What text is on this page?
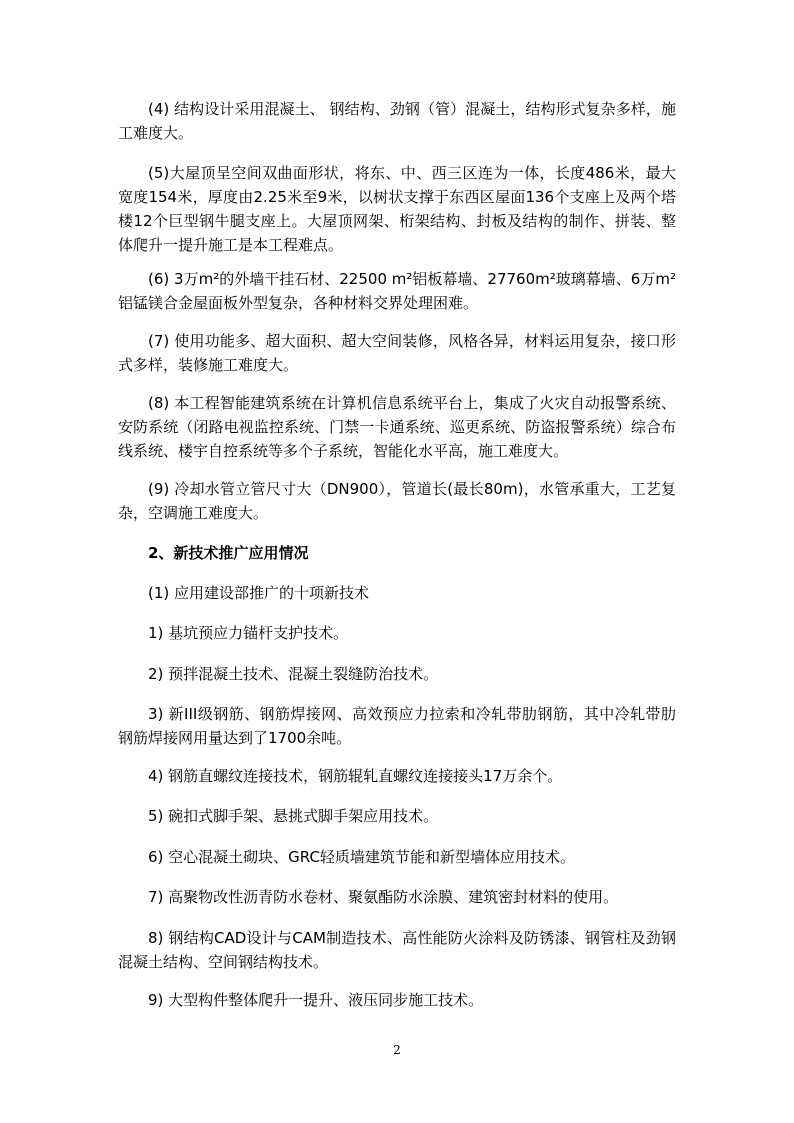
(4) 结构设计采用混凝土、 钢结构、劲钢（管）混凝土，结构形式复杂多样，施工难度大。

(5)大屋顶呈空间双曲面形状，将东、中、西三区连为一体，长度486米，最大宽度154米，厚度由2.25米至9米，以树状支撑于东西区屋面136个支座上及两个塔楼12个巨型钢牛腿支座上。大屋顶网架、桁架结构、封板及结构的制作、拼装、整体爬升一提升施工是本工程难点。

(6) 3万m²的外墙干挂石材、22500 m²铝板幕墙、27760m²玻璃幕墙、6万m²铝锰镁合金屋面板外型复杂，各种材料交界处理困难。

(7) 使用功能多、超大面积、超大空间装修，风格各异，材料运用复杂，接口形式多样，装修施工难度大。

(8) 本工程智能建筑系统在计算机信息系统平台上，集成了火灾自动报警系统、安防系统（闭路电视监控系统、门禁一卡通系统、巡更系统、防盗报警系统）综合布线系统、楼宇自控系统等多个子系统，智能化水平高，施工难度大。

(9) 冷却水管立管尺寸大（DN900），管道长(最长80m)，水管承重大，工艺复杂，空调施工难度大。

2、新技术推广应用情况

(1) 应用建设部推广的十项新技术

1) 基坑预应力锚杆支护技术。

2) 预拌混凝土技术、混凝土裂缝防治技术。

3) 新III级钢筋、钢筋焊接网、高效预应力拉索和冷轧带肋钢筋，其中冷轧带肋钢筋焊接网用量达到了1700余吨。

4) 钢筋直螺纹连接技术，钢筋辊轧直螺纹连接接头17万余个。

5) 碗扣式脚手架、悬挑式脚手架应用技术。

6) 空心混凝土砌块、GRC轻质墙建筑节能和新型墙体应用技术。

7) 高聚物改性沥青防水卷材、聚氨酯防水涂膜、建筑密封材料的使用。

8) 钢结构CAD设计与CAM制造技术、高性能防火涂料及防锈漆、钢管柱及劲钢混凝土结构、空间钢结构技术。

9) 大型构件整体爬升一提升、液压同步施工技术。

2
